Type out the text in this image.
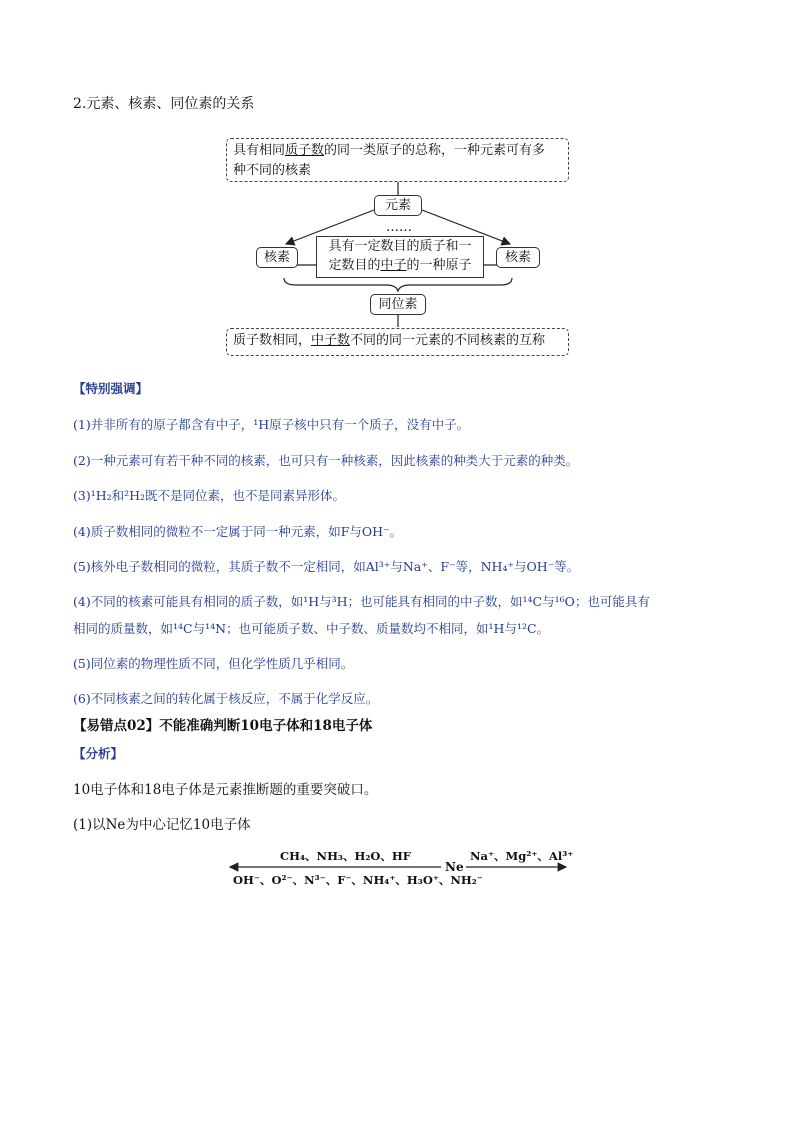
2.元素、核素、同位素的关系
具有相同质子数的同一类原子的总称，一种元素可有多
种不同的核素
元素
……
核素
具有一定数目的质子和一
定数目的中子的一种原子
核素
同位素
质子数相同，中子数不同的同一元素的不同核素的互称
【特别强调】
(1)并非所有的原子都含有中子，¹H原子核中只有一个质子，没有中子。
(2)一种元素可有若干种不同的核素，也可只有一种核素，因此核素的种类大于元素的种类。
(3)¹H₂和²H₂既不是同位素，也不是同素异形体。
(4)质子数相同的微粒不一定属于同一种元素，如F与OH⁻。
(5)核外电子数相同的微粒，其质子数不一定相同，如Al³⁺与Na⁺、F⁻等，NH₄⁺与OH⁻等。
(4)不同的核素可能具有相同的质子数，如¹H与³H；也可能具有相同的中子数，如¹⁴C与¹⁶O；也可能具有
相同的质量数，如¹⁴C与¹⁴N；也可能质子数、中子数、质量数均不相同，如¹H与¹²C。
(5)同位素的物理性质不同，但化学性质几乎相同。
(6)不同核素之间的转化属于核反应，不属于化学反应。
【易错点02】不能准确判断10电子体和18电子体
【分析】
10电子体和18电子体是元素推断题的重要突破口。
(1)以Ne为中心记忆10电子体
CH₄、NH₃、H₂O、HF
OH⁻、O²⁻、N³⁻、F⁻、NH₄⁺、H₃O⁺、NH₂⁻
Ne
Na⁺、Mg²⁺、Al³⁺
